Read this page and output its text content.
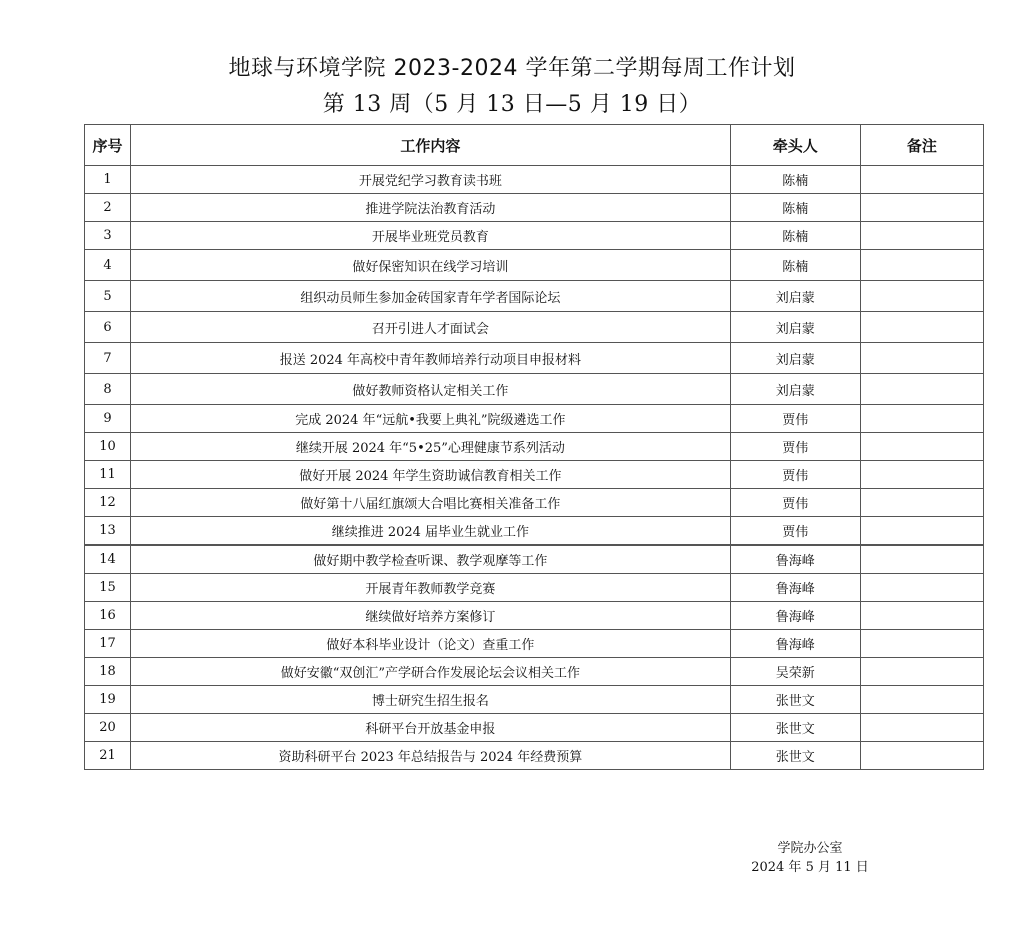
地球与环境学院 2023-2024 学年第二学期每周工作计划
第 13 周（5 月 13 日—5 月 19 日）
序号	工作内容	牵头人	备注
1	开展党纪学习教育读书班	陈楠	
2	推进学院法治教育活动	陈楠	
3	开展毕业班党员教育	陈楠	
4	做好保密知识在线学习培训	陈楠	
5	组织动员师生参加金砖国家青年学者国际论坛	刘启蒙	
6	召开引进人才面试会	刘启蒙	
7	报送 2024 年高校中青年教师培养行动项目申报材料	刘启蒙	
8	做好教师资格认定相关工作	刘启蒙	
9	完成 2024 年“远航•我要上典礼”院级遴选工作	贾伟	
10	继续开展 2024 年“5•25”心理健康节系列活动	贾伟	
11	做好开展 2024 年学生资助诚信教育相关工作	贾伟	
12	做好第十八届红旗颂大合唱比赛相关准备工作	贾伟	
13	继续推进 2024 届毕业生就业工作	贾伟	
14	做好期中教学检查听课、教学观摩等工作	鲁海峰	
15	开展青年教师教学竞赛	鲁海峰	
16	继续做好培养方案修订	鲁海峰	
17	做好本科毕业设计（论文）查重工作	鲁海峰	
18	做好安徽“双创汇”产学研合作发展论坛会议相关工作	吴荣新	
19	博士研究生招生报名	张世文	
20	科研平台开放基金申报	张世文	
21	资助科研平台 2023 年总结报告与 2024 年经费预算	张世文	
学院办公室
2024 年 5 月 11 日
